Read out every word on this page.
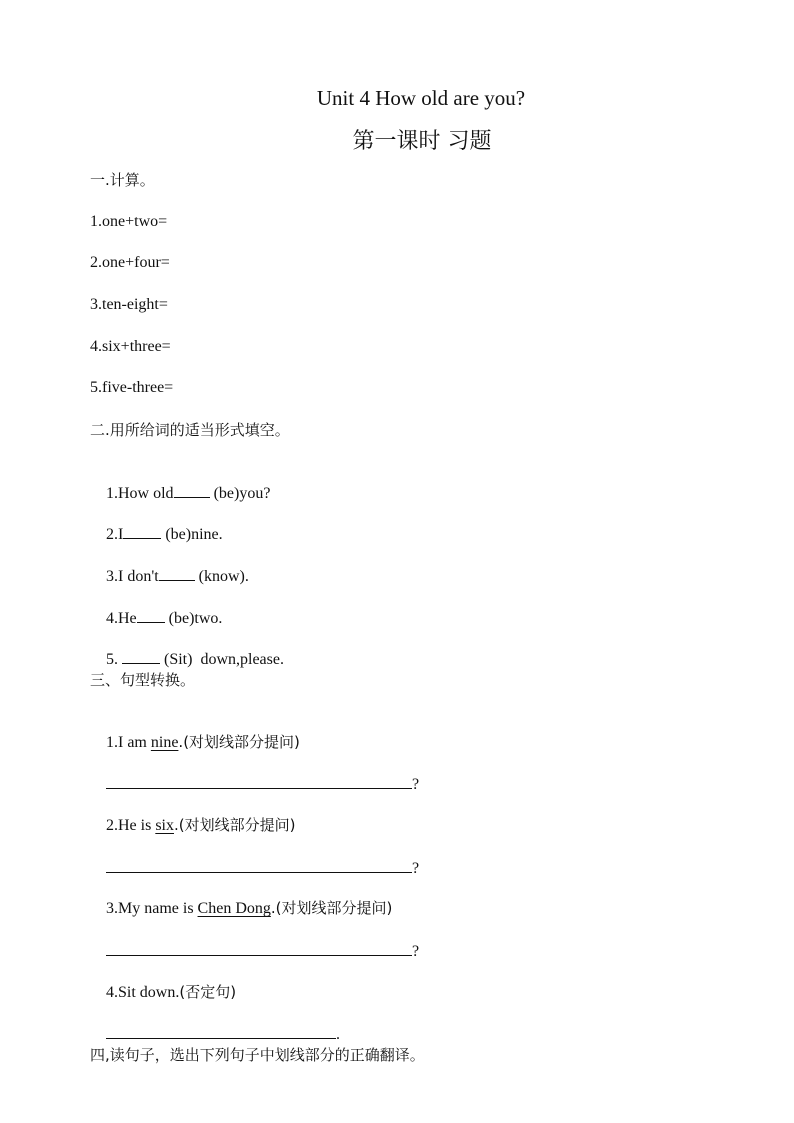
Unit 4 How old are you?
第一课时 习题
一.计算。
1.one+two=
2.one+four=
3.ten-eight=
4.six+three=
5.five-three=
二.用所给词的适当形式填空。

1.How old (be)you?

2.I (be)nine.

3.I don't (know).

4.He (be)two.

5.  (Sit)  down,please.

三、句型转换。

1.I am nine.(对划线部分提问)

?

2.He is six.(对划线部分提问)

?

3.My name is Chen Dong.(对划线部分提问)

?

4.Sit down.(否定句)

.

四,读句子，选出下列句子中划线部分的正确翻译。
